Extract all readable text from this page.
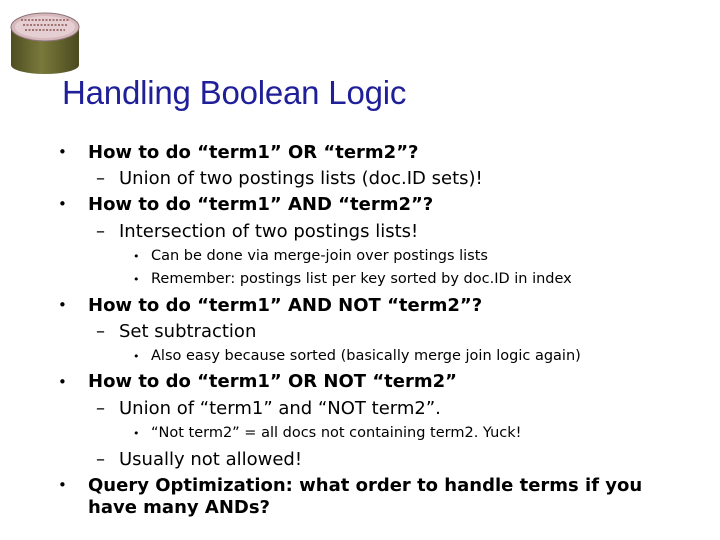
Handling Boolean Logic
• How to do “term1” OR “term2”?
– Union of two postings lists (doc.ID sets)!
• How to do “term1” AND “term2”?
– Intersection of two postings lists!
• Can be done via merge-join over postings lists
• Remember: postings list per key sorted by doc.ID in index
• How to do “term1” AND NOT “term2”?
– Set subtraction
• Also easy because sorted (basically merge join logic again)
• How to do “term1” OR NOT “term2”
– Union of “term1” and “NOT term2”.
• “Not term2” = all docs not containing term2. Yuck!
– Usually not allowed!
• Query Optimization: what order to handle terms if you
have many ANDs?
